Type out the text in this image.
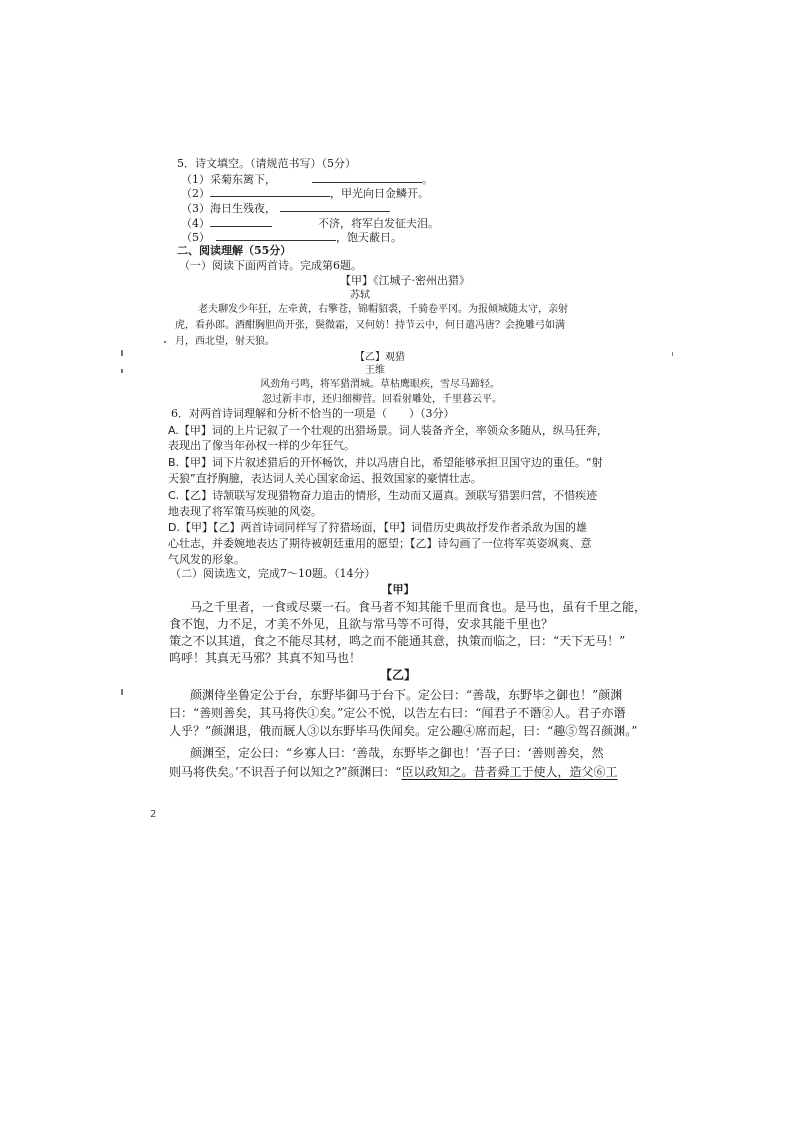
5．诗文填空。（请规范书写）（5分）
（1）采菊东篱下，	。
（2）	，甲光向日金鳞开。
（3）海日生残夜，
（4）	不济，将军白发征夫泪。
（5）	，饱天蔽日。
二、阅读理解（55分）
（一）阅读下面两首诗。完成第6题。
【甲】《江城子·密州出猎》
苏轼
老夫聊发少年狂，左牵黄，右擎苍，锦帽貂裘，千骑卷平冈。为报倾城随太守，亲射
虎，看孙郎。酒酣胸胆尚开张，鬓微霜，又何妨！持节云中，何日遣冯唐？会挽雕弓如满
月，西北望，射天狼。
【乙】观猎
王维
风劲角弓鸣，将军猎渭城。草枯鹰眼疾，雪尽马蹄轻。
忽过新丰市，还归细柳营。回看射雕处，千里暮云平。
6．对两首诗词理解和分析不恰当的一项是（　　）（3分）
A.【甲】词的上片记叙了一个壮观的出猎场景。词人装备齐全，率领众多随从，纵马狂奔，
表现出了像当年孙权一样的少年狂气。
B.【甲】词下片叙述猎后的开怀畅饮，并以冯唐自比，希望能够承担卫国守边的重任。“射
天狼”直抒胸臆，表达词人关心国家命运、报效国家的豪情壮志。
C.【乙】诗颔联写发现猎物奋力追击的情形，生动而又逼真。颈联写猎罢归营，不惜疾迹
地表现了将军策马疾驰的风姿。
D.【甲】【乙】两首诗词同样写了狩猎场面，【甲】词借历史典故抒发作者杀敌为国的雄
心壮志，并委婉地表达了期待被朝廷重用的愿望；【乙】诗勾画了一位将军英姿飒爽、意
气风发的形象。
（二）阅读选文，完成7～10题。（14分）
【甲】
马之千里者，一食或尽粟一石。食马者不知其能千里而食也。是马也，虽有千里之能，
食不饱，力不足，才美不外见，且欲与常马等不可得，安求其能千里也？
策之不以其道，食之不能尽其材，鸣之而不能通其意，执策而临之，曰：“天下无马！”
呜呼！其真无马邪？其真不知马也！
【乙】
颜渊侍坐鲁定公于台，东野毕御马于台下。定公曰：“善哉，东野毕之御也！”颜渊
曰：“善则善矣，其马将佚①矣。”定公不悦，以告左右曰：“闻君子不谮②人。君子亦谮
人乎？”颜渊退，俄而厩人③以东野毕马佚闻矣。定公趣④席而起，曰：“趣⑤驾召颜渊。”
颜渊至，定公曰：“乡寡人曰：‘善哉，东野毕之御也！’吾子曰：‘善则善矣，然
则马将佚矣。’不识吾子何以知之?”颜渊曰：“臣以政知之。昔者舜工于使人，造父⑥工
2
